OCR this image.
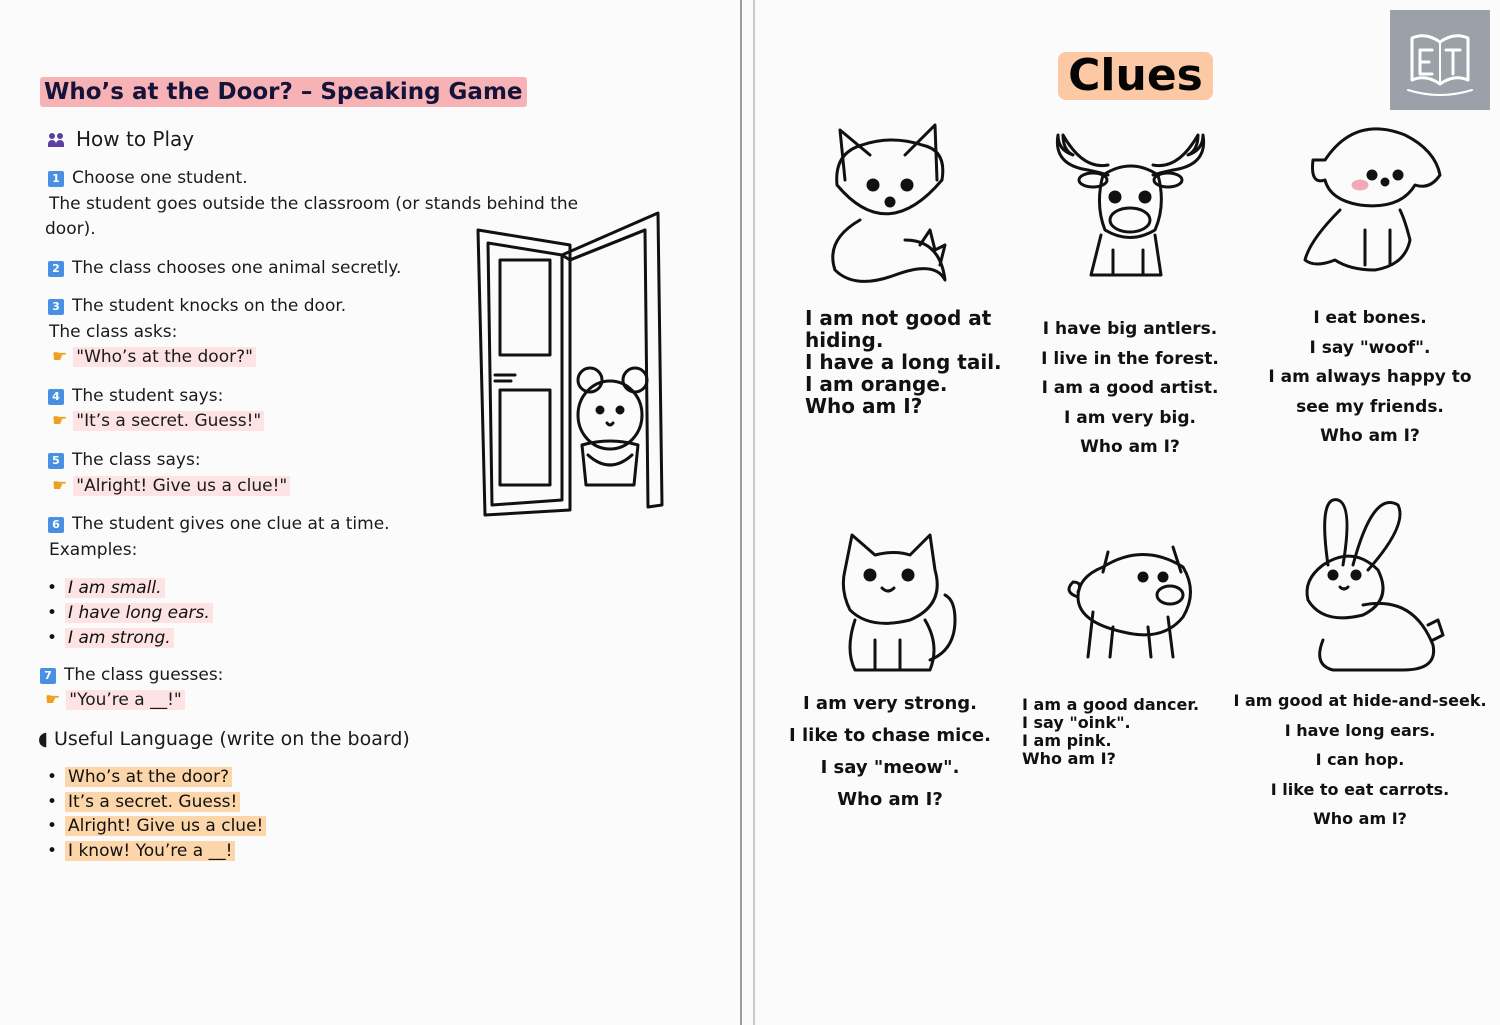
Who’s at the Door? – Speaking Game
How to Play
1 Choose one student.
The student goes outside the classroom (or stands behind the
door).
2 The class chooses one animal secretly.
3 The student knocks on the door.
The class asks:
☛ "Who’s at the door?"
4 The student says:
☛ "It’s a secret. Guess!"
5 The class says:
☛ "Alright! Give us a clue!"
6 The student gives one clue at a time.
Examples:
• I am small.
• I have long ears.
• I am strong.
7 The class guesses:
☛ "You’re a __!"
◖ Useful Language (write on the board)
• Who’s at the door?
• It’s a secret. Guess!
• Alright! Give us a clue!
• I know! You’re a __!
Clues
I am not good at
hiding.
I have a long tail.
I am orange.
Who am I?
I have big antlers.
I live in the forest.
I am a good artist.
I am very big.
Who am I?
I eat bones.
I say "woof".
I am always happy to
see my friends.
Who am I?
I am very strong.
I like to chase mice.
I say "meow".
Who am I?
I am a good dancer.
I say "oink".
I am pink.
Who am I?
I am good at hide-and-seek.
I have long ears.
I can hop.
I like to eat carrots.
Who am I?
